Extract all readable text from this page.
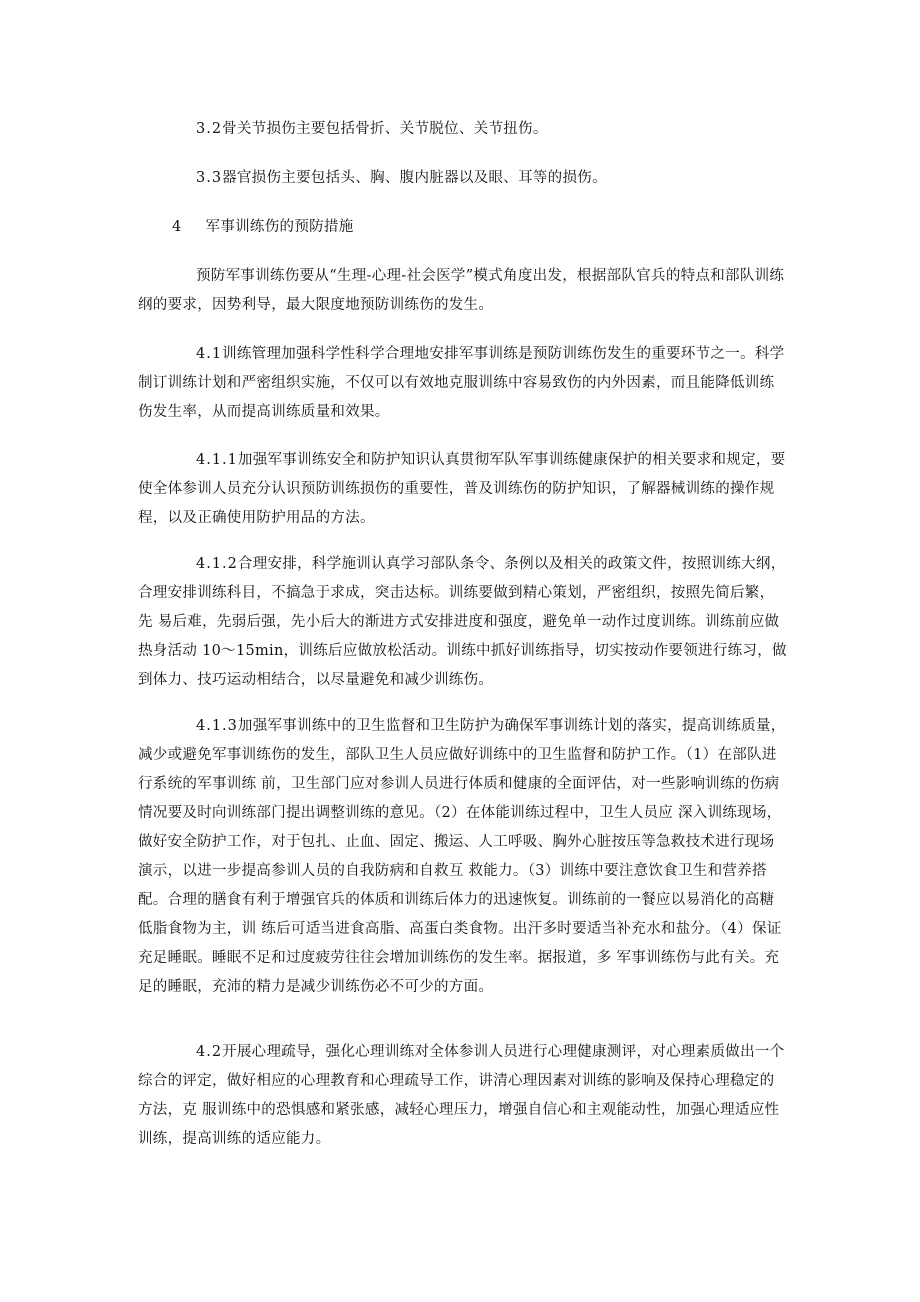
3.2骨关节损伤主要包括骨折、关节脱位、关节扭伤。
3.3器官损伤主要包括头、胸、腹内脏器以及眼、耳等的损伤。
4 军事训练伤的预防措施
预防军事训练伤要从“生理-心理-社会医学”模式角度出发，根据部队官兵的特点和部队训练 纲的要求，因势利导，最大限度地预防训练伤的发生。
4.1训练管理加强科学性科学合理地安排军事训练是预防训练伤发生的重要环节之一。科学制订训练计划和严密组织实施，不仅可以有效地克服训练中容易致伤的内外因素，而且能降低训练伤发生率，从而提高训练质量和效果。
4.1.1加强军事训练安全和防护知识认真贯彻军队军事训练健康保护的相关要求和规定，要使全体参训人员充分认识预防训练损伤的重要性，普及训练伤的防护知识，了解器械训练的操作规程，以及正确使用防护用品的方法。
4.1.2合理安排，科学施训认真学习部队条令、条例以及相关的政策文件，按照训练大纲，合理安排训练科目，不搞急于求成，突击达标。训练要做到精心策划，严密组织，按照先简后繁，先 易后难，先弱后强，先小后大的渐进方式安排进度和强度，避免单一动作过度训练。训练前应做热身活动 10～15min，训练后应做放松活动。训练中抓好训练指导，切实按动作要领进行练习，做到体力、技巧运动相结合，以尽量避免和减少训练伤。
4.1.3加强军事训练中的卫生监督和卫生防护为确保军事训练计划的落实，提高训练质量，减少或避免军事训练伤的发生，部队卫生人员应做好训练中的卫生监督和防护工作。（1）在部队进行系统的军事训练 前，卫生部门应对参训人员进行体质和健康的全面评估，对一些影响训练的伤病情况要及时向训练部门提出调整训练的意见。（2）在体能训练过程中，卫生人员应 深入训练现场，做好安全防护工作，对于包扎、止血、固定、搬运、人工呼吸、胸外心脏按压等急救技术进行现场演示，以进一步提高参训人员的自我防病和自救互 救能力。（3）训练中要注意饮食卫生和营养搭配。合理的膳食有利于增强官兵的体质和训练后体力的迅速恢复。训练前的一餐应以易消化的高糖低脂食物为主，训 练后可适当进食高脂、高蛋白类食物。出汗多时要适当补充水和盐分。（4）保证充足睡眠。睡眠不足和过度疲劳往往会增加训练伤的发生率。据报道，多 军事训练伤与此有关。充足的睡眠，充沛的精力是减少训练伤必不可少的方面。
4.2开展心理疏导，强化心理训练对全体参训人员进行心理健康测评，对心理素质做出一个综合的评定，做好相应的心理教育和心理疏导工作，讲清心理因素对训练的影响及保持心理稳定的方法，克 服训练中的恐惧感和紧张感，减轻心理压力，增强自信心和主观能动性，加强心理适应性训练，提高训练的适应能力。
